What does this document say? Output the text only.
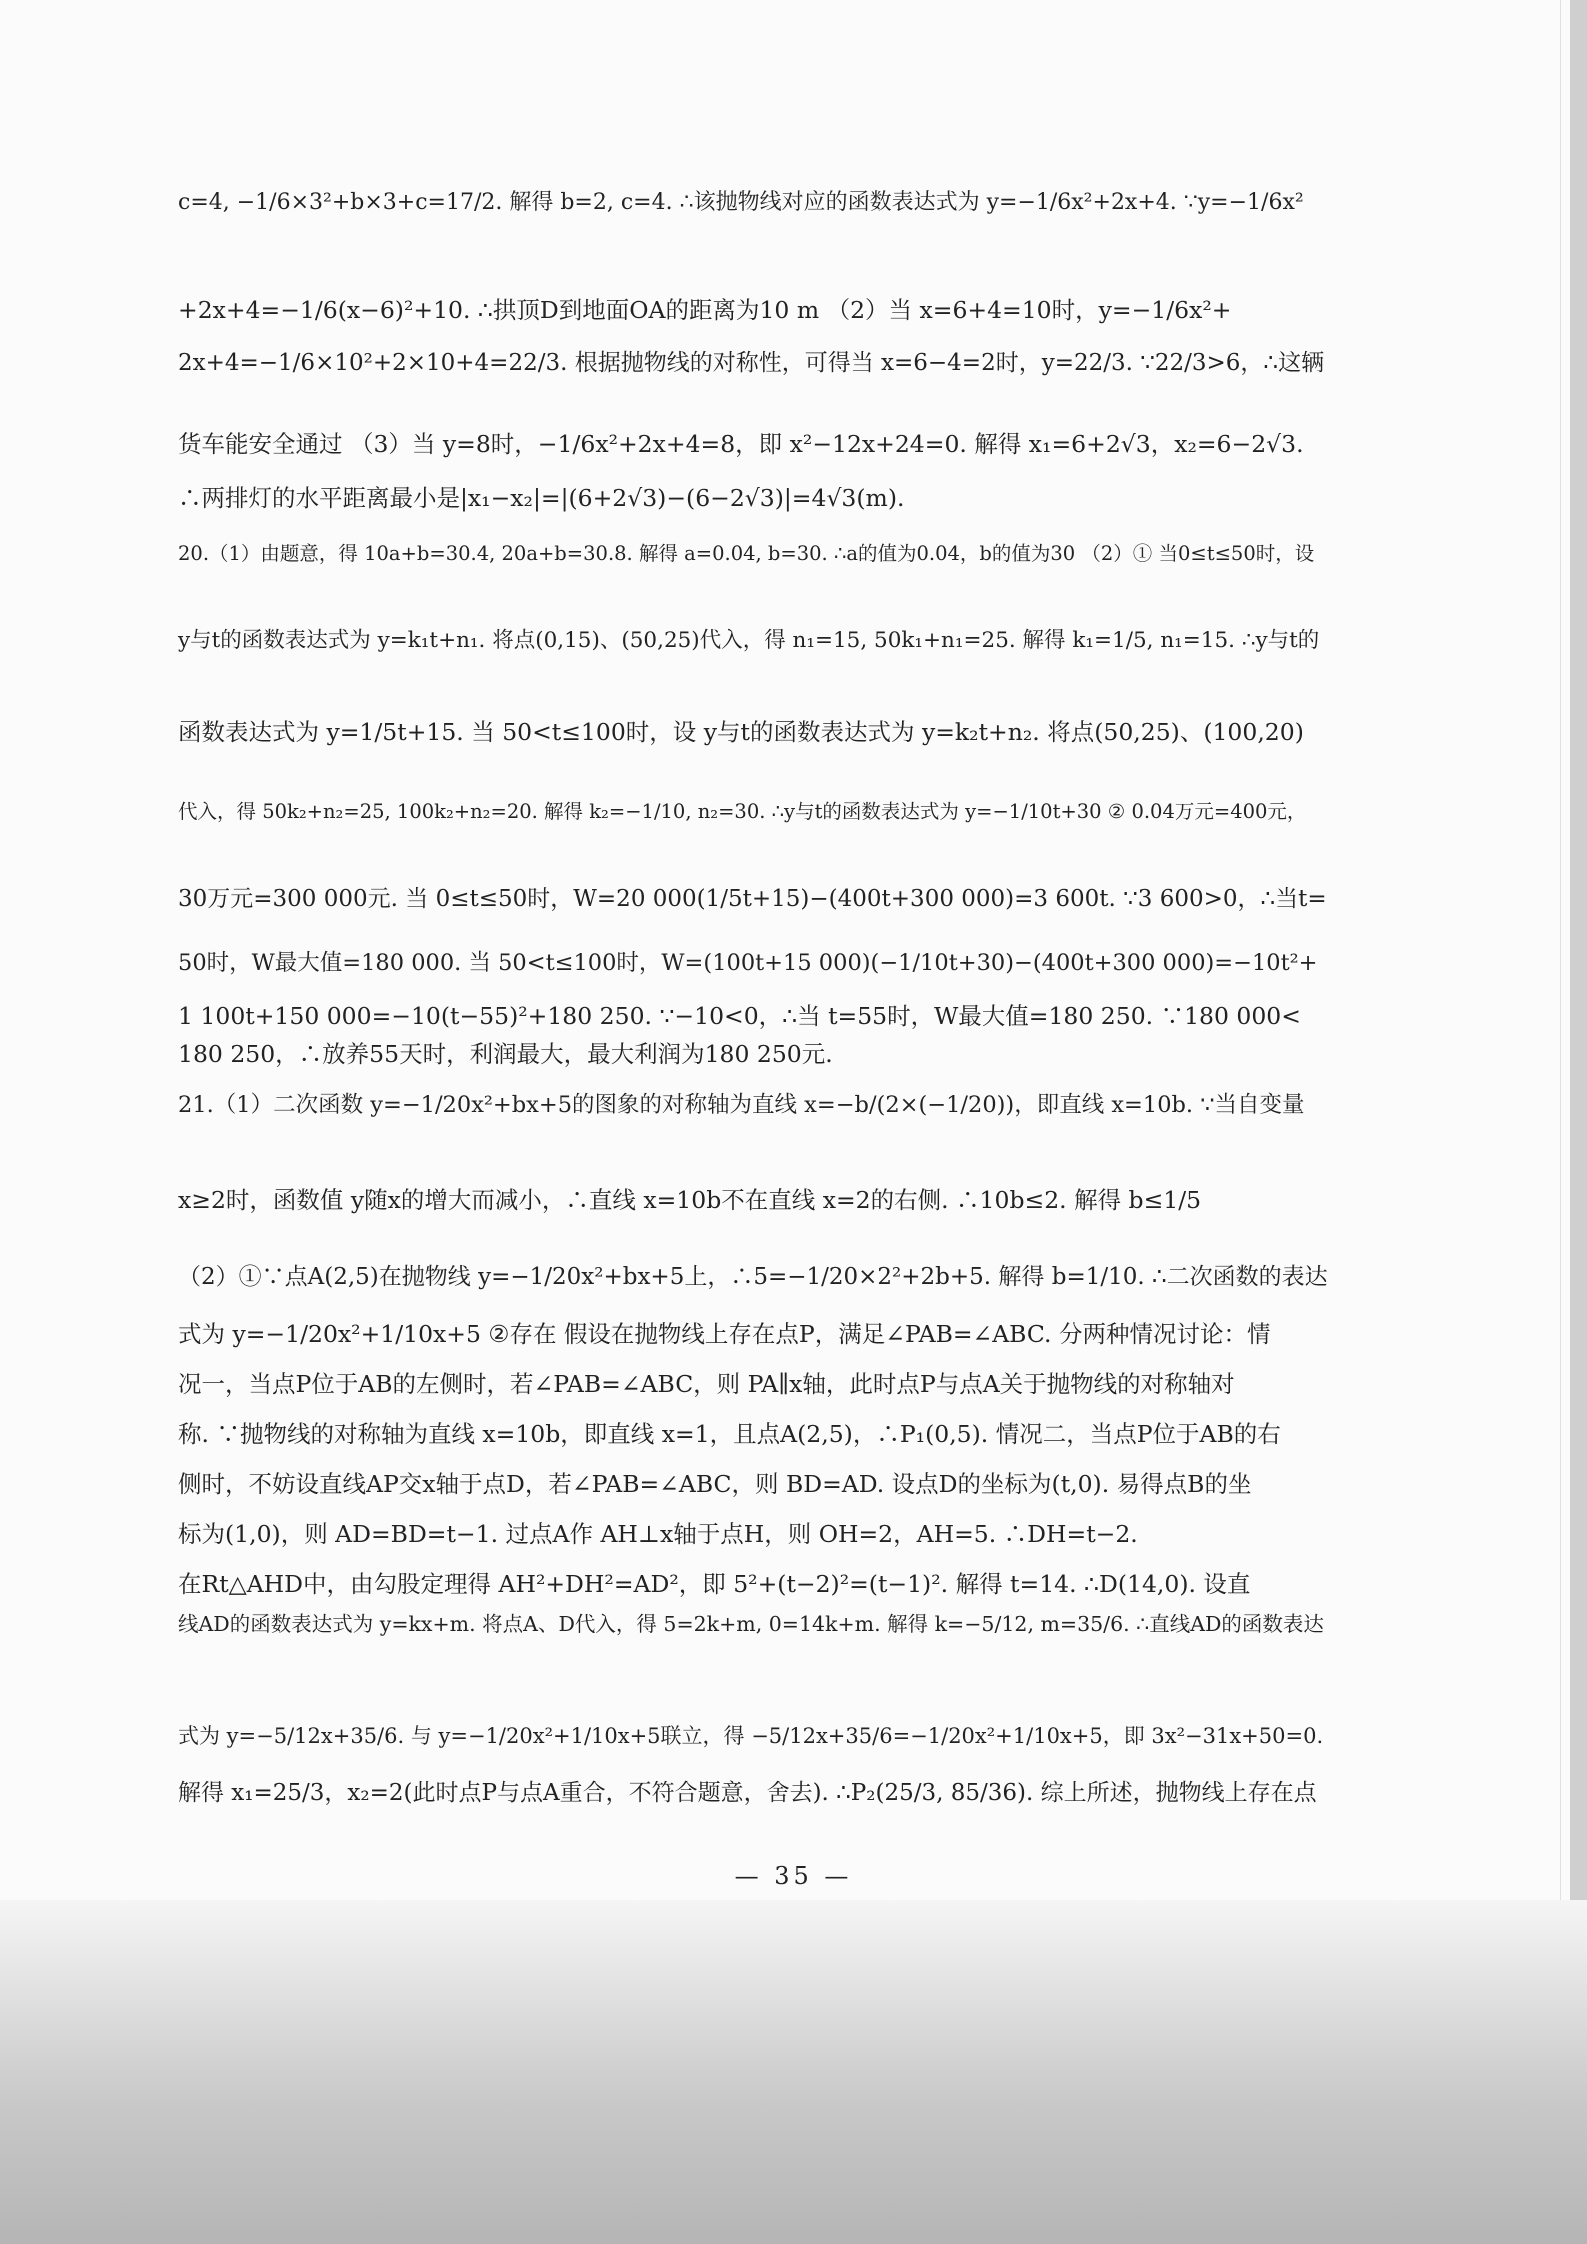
c=4, −1/6×3²+b×3+c=17/2. 解得 b=2, c=4. ∴该抛物线对应的函数表达式为 y=−1/6x²+2x+4. ∵y=−1/6x²
+2x+4=−1/6(x−6)²+10. ∴拱顶D到地面OA的距离为10 m （2）当 x=6+4=10时，y=−1/6x²+
2x+4=−1/6×10²+2×10+4=22/3. 根据抛物线的对称性，可得当 x=6−4=2时，y=22/3. ∵22/3>6，∴这辆
货车能安全通过 （3）当 y=8时，−1/6x²+2x+4=8，即 x²−12x+24=0. 解得 x₁=6+2√3，x₂=6−2√3.
∴两排灯的水平距离最小是|x₁−x₂|=|(6+2√3)−(6−2√3)|=4√3(m).
20.（1）由题意，得 10a+b=30.4, 20a+b=30.8. 解得 a=0.04, b=30. ∴a的值为0.04，b的值为30 （2）① 当0≤t≤50时，设
y与t的函数表达式为 y=k₁t+n₁. 将点(0,15)、(50,25)代入，得 n₁=15, 50k₁+n₁=25. 解得 k₁=1/5, n₁=15. ∴y与t的
函数表达式为 y=1/5t+15. 当 50<t≤100时，设 y与t的函数表达式为 y=k₂t+n₂. 将点(50,25)、(100,20)
代入，得 50k₂+n₂=25, 100k₂+n₂=20. 解得 k₂=−1/10, n₂=30. ∴y与t的函数表达式为 y=−1/10t+30 ② 0.04万元=400元，
30万元=300 000元. 当 0≤t≤50时，W=20 000(1/5t+15)−(400t+300 000)=3 600t. ∵3 600>0，∴当t=
50时，W最大值=180 000. 当 50<t≤100时，W=(100t+15 000)(−1/10t+30)−(400t+300 000)=−10t²+
1 100t+150 000=−10(t−55)²+180 250. ∵−10<0，∴当 t=55时，W最大值=180 250. ∵180 000<
180 250，∴放养55天时，利润最大，最大利润为180 250元.
21.（1）二次函数 y=−1/20x²+bx+5的图象的对称轴为直线 x=−b/(2×(−1/20))，即直线 x=10b. ∵当自变量
x≥2时，函数值 y随x的增大而减小，∴直线 x=10b不在直线 x=2的右侧. ∴10b≤2. 解得 b≤1/5
（2）①∵点A(2,5)在抛物线 y=−1/20x²+bx+5上，∴5=−1/20×2²+2b+5. 解得 b=1/10. ∴二次函数的表达
式为 y=−1/20x²+1/10x+5 ②存在 假设在抛物线上存在点P，满足∠PAB=∠ABC. 分两种情况讨论：情
况一，当点P位于AB的左侧时，若∠PAB=∠ABC，则 PA∥x轴，此时点P与点A关于抛物线的对称轴对
称. ∵抛物线的对称轴为直线 x=10b，即直线 x=1，且点A(2,5)，∴P₁(0,5). 情况二，当点P位于AB的右
侧时，不妨设直线AP交x轴于点D，若∠PAB=∠ABC，则 BD=AD. 设点D的坐标为(t,0). 易得点B的坐
标为(1,0)，则 AD=BD=t−1. 过点A作 AH⊥x轴于点H，则 OH=2，AH=5. ∴DH=t−2.
在Rt△AHD中，由勾股定理得 AH²+DH²=AD²，即 5²+(t−2)²=(t−1)². 解得 t=14. ∴D(14,0). 设直
线AD的函数表达式为 y=kx+m. 将点A、D代入，得 5=2k+m, 0=14k+m. 解得 k=−5/12, m=35/6. ∴直线AD的函数表达
式为 y=−5/12x+35/6. 与 y=−1/20x²+1/10x+5联立，得 −5/12x+35/6=−1/20x²+1/10x+5，即 3x²−31x+50=0.
解得 x₁=25/3，x₂=2(此时点P与点A重合，不符合题意，舍去). ∴P₂(25/3, 85/36). 综上所述，抛物线上存在点
— 35 —
